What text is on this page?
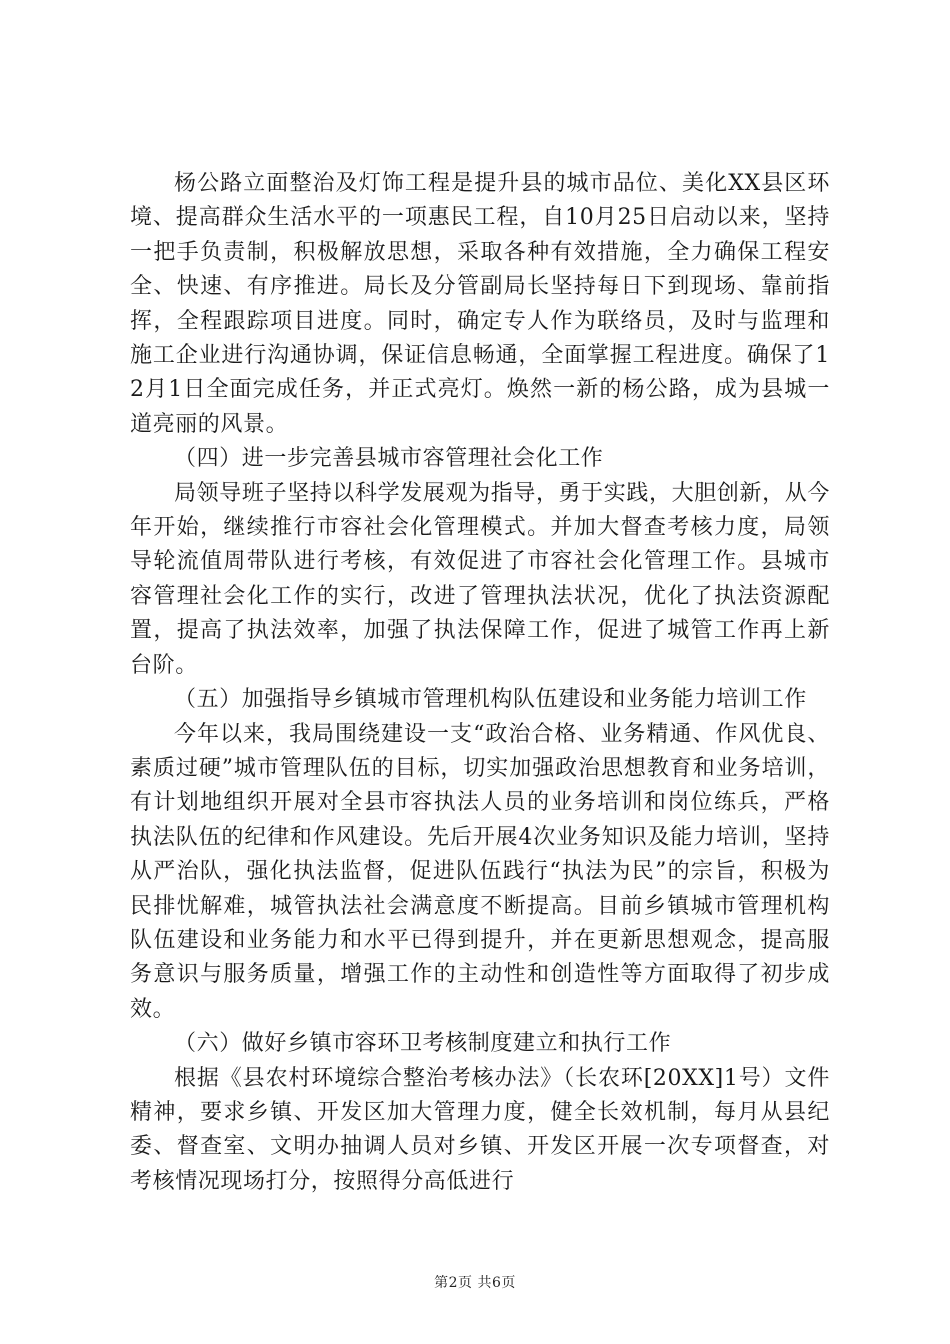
杨公路立面整治及灯饰工程是提升县的城市品位、美化XX县区环境、提高群众生活水平的一项惠民工程，自10月25日启动以来，坚持一把手负责制，积极解放思想，采取各种有效措施，全力确保工程安全、快速、有序推进。局长及分管副局长坚持每日下到现场、靠前指挥，全程跟踪项目进度。同时，确定专人作为联络员，及时与监理和施工企业进行沟通协调，保证信息畅通，全面掌握工程进度。确保了12月1日全面完成任务，并正式亮灯。焕然一新的杨公路，成为县城一道亮丽的风景。

（四）进一步完善县城市容管理社会化工作

局领导班子坚持以科学发展观为指导，勇于实践，大胆创新，从今年开始，继续推行市容社会化管理模式。并加大督查考核力度，局领导轮流值周带队进行考核，有效促进了市容社会化管理工作。县城市容管理社会化工作的实行，改进了管理执法状况，优化了执法资源配置，提高了执法效率，加强了执法保障工作，促进了城管工作再上新台阶。

（五）加强指导乡镇城市管理机构队伍建设和业务能力培训工作

今年以来，我局围绕建设一支“政治合格、业务精通、作风优良、素质过硬”城市管理队伍的目标，切实加强政治思想教育和业务培训，有计划地组织开展对全县市容执法人员的业务培训和岗位练兵，严格执法队伍的纪律和作风建设。先后开展4次业务知识及能力培训，坚持从严治队，强化执法监督，促进队伍践行“执法为民”的宗旨，积极为民排忧解难，城管执法社会满意度不断提高。目前乡镇城市管理机构队伍建设和业务能力和水平已得到提升，并在更新思想观念，提高服务意识与服务质量，增强工作的主动性和创造性等方面取得了初步成效。

（六）做好乡镇市容环卫考核制度建立和执行工作

根据《县农村环境综合整治考核办法》（长农环[20XX]1号）文件精神，要求乡镇、开发区加大管理力度，健全长效机制，每月从县纪委、督查室、文明办抽调人员对乡镇、开发区开展一次专项督查，对考核情况现场打分，按照得分高低进行

第2页 共6页
